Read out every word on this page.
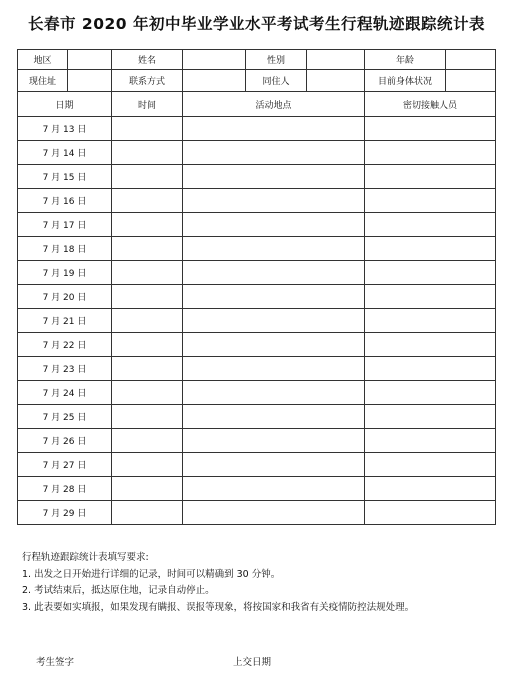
长春市 2020 年初中毕业学业水平考试考生行程轨迹跟踪统计表
地区		姓名		性别		年龄	
现住址		联系方式		同住人		目前身体状况	
日期		时间	活动地点			密切接触人员	
7 月 13 日							
7 月 14 日							
7 月 15 日							
7 月 16 日							
7 月 17 日							
7 月 18 日							
7 月 19 日							
7 月 20 日							
7 月 21 日							
7 月 22 日							
7 月 23 日							
7 月 24 日							
7 月 25 日							
7 月 26 日							
7 月 27 日							
7 月 28 日							
7 月 29 日							
行程轨迹跟踪统计表填写要求:
1. 出发之日开始进行详细的记录，时间可以精确到 30 分钟。
2. 考试结束后，抵达原住地，记录自动停止。
3. 此表要如实填报，如果发现有瞒报、误报等现象，将按国家和我省有关疫情防控法规处理。
考生签字	上交日期
